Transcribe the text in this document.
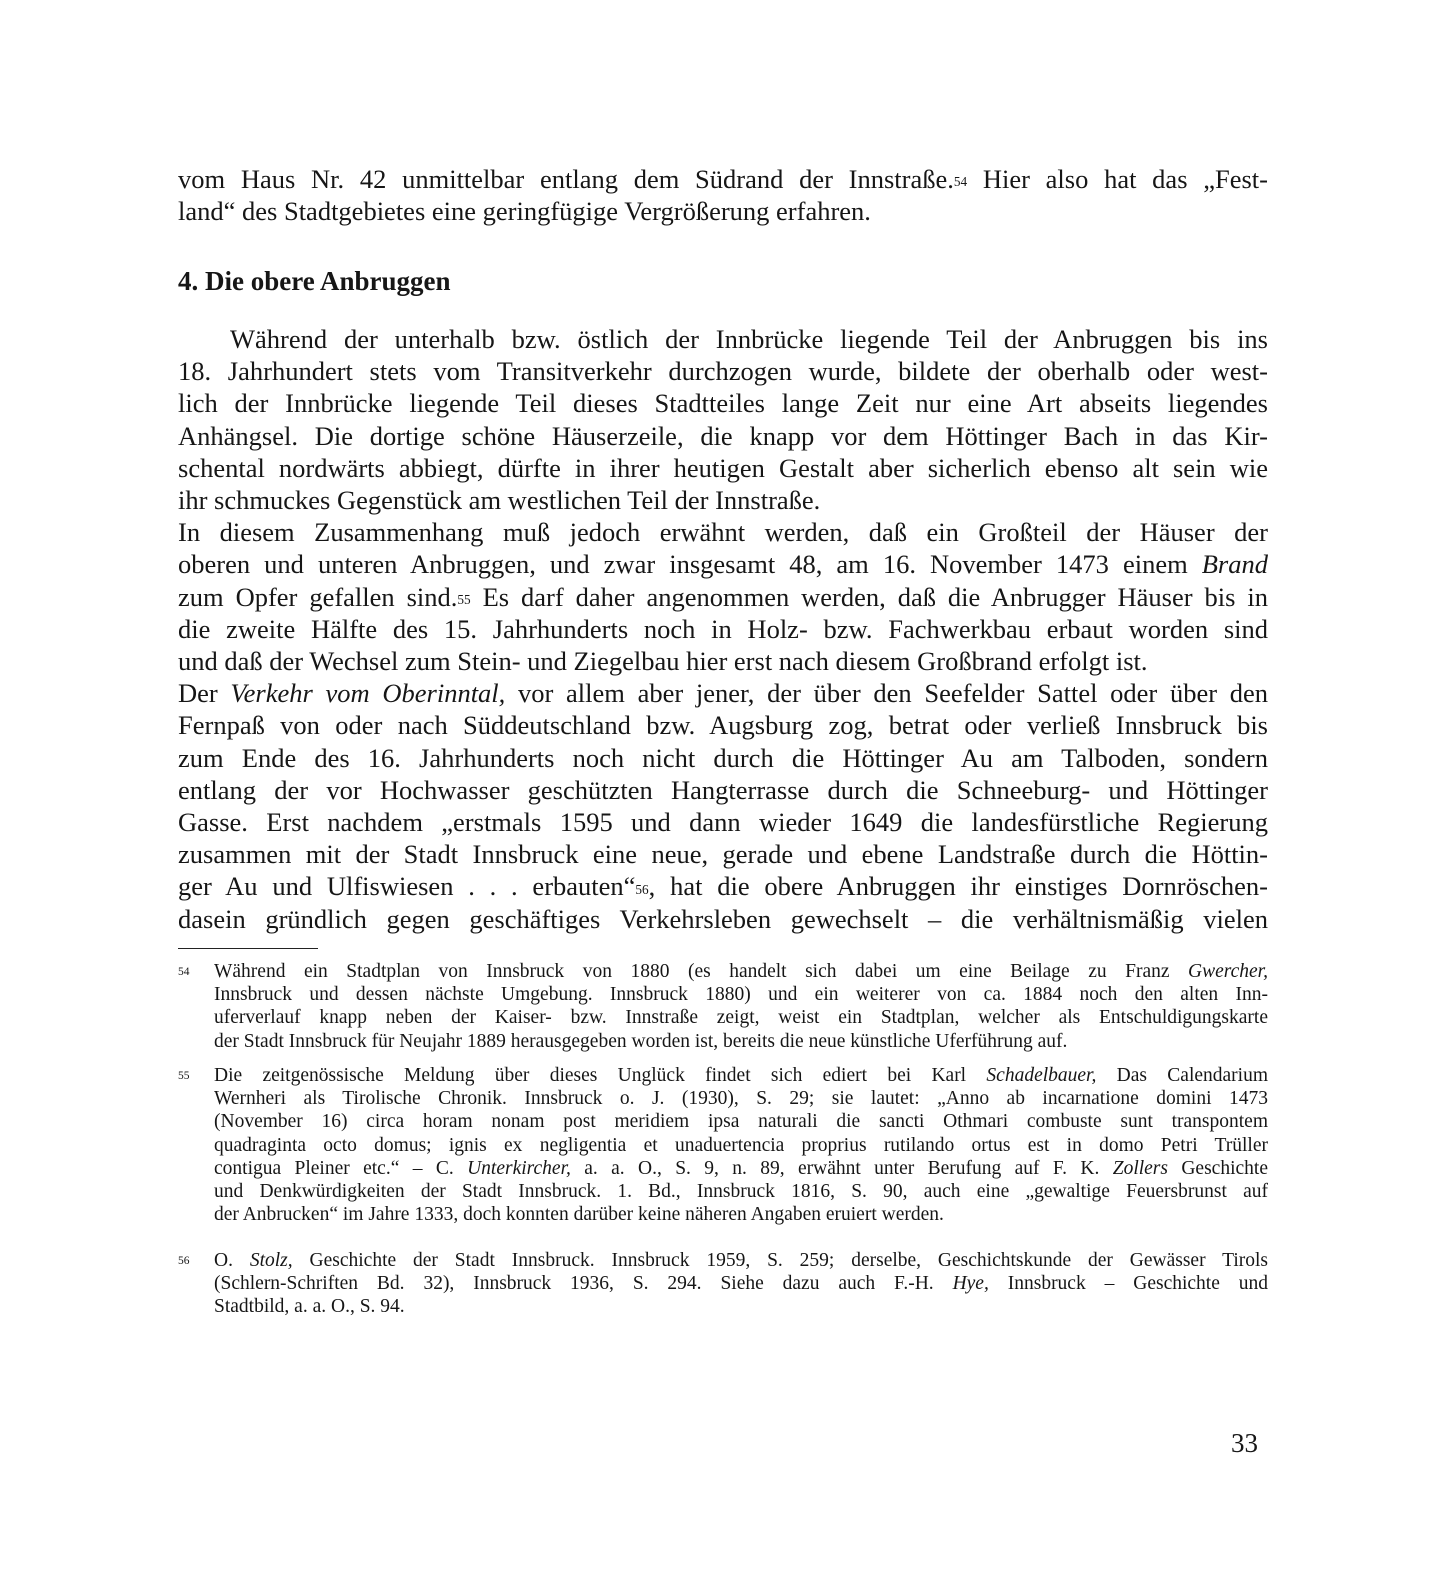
vom Haus Nr. 42 unmittelbar entlang dem Südrand der Innstraße.$^{54}$ Hier also hat das „Fest-
land“ des Stadtgebietes eine geringfügige Vergrößerung erfahren.
4. Die obere Anbruggen
Während der unterhalb bzw. östlich der Innbrücke liegende Teil der Anbruggen bis ins
18. Jahrhundert stets vom Transitverkehr durchzogen wurde, bildete der oberhalb oder west-
lich der Innbrücke liegende Teil dieses Stadtteiles lange Zeit nur eine Art abseits liegendes
Anhängsel. Die dortige schöne Häuserzeile, die knapp vor dem Höttinger Bach in das Kir-
schental nordwärts abbiegt, dürfte in ihrer heutigen Gestalt aber sicherlich ebenso alt sein wie
ihr schmuckes Gegenstück am westlichen Teil der Innstraße.
In diesem Zusammenhang muß jedoch erwähnt werden, daß ein Großteil der Häuser der
oberen und unteren Anbruggen, und zwar insgesamt 48, am 16. November 1473 einem Brand
zum Opfer gefallen sind.$^{55}$ Es darf daher angenommen werden, daß die Anbrugger Häuser bis in
die zweite Hälfte des 15. Jahrhunderts noch in Holz- bzw. Fachwerkbau erbaut worden sind
und daß der Wechsel zum Stein- und Ziegelbau hier erst nach diesem Großbrand erfolgt ist.
Der Verkehr vom Oberinntal, vor allem aber jener, der über den Seefelder Sattel oder über den
Fernpaß von oder nach Süddeutschland bzw. Augsburg zog, betrat oder verließ Innsbruck bis
zum Ende des 16. Jahrhunderts noch nicht durch die Höttinger Au am Talboden, sondern
entlang der vor Hochwasser geschützten Hangterrasse durch die Schneeburg- und Höttinger
Gasse. Erst nachdem „erstmals 1595 und dann wieder 1649 die landesfürstliche Regierung
zusammen mit der Stadt Innsbruck eine neue, gerade und ebene Landstraße durch die Höttin-
ger Au und Ulfiswiesen . . . erbauten“$^{56}$, hat die obere Anbruggen ihr einstiges Dornröschen-
dasein gründlich gegen geschäftiges Verkehrsleben gewechselt – die verhältnismäßig vielen
54 Während ein Stadtplan von Innsbruck von 1880 (es handelt sich dabei um eine Beilage zu Franz Gwercher,
Innsbruck und dessen nächste Umgebung. Innsbruck 1880) und ein weiterer von ca. 1884 noch den alten Inn-
uferverlauf knapp neben der Kaiser- bzw. Innstraße zeigt, weist ein Stadtplan, welcher als Entschuldigungskarte
der Stadt Innsbruck für Neujahr 1889 herausgegeben worden ist, bereits die neue künstliche Uferführung auf.
55 Die zeitgenössische Meldung über dieses Unglück findet sich ediert bei Karl Schadelbauer, Das Calendarium
Wernheri als Tirolische Chronik. Innsbruck o. J. (1930), S. 29; sie lautet: „Anno ab incarnatione domini 1473
(November 16) circa horam nonam post meridiem ipsa naturali die sancti Othmari combuste sunt transpontem
quadraginta octo domus; ignis ex negligentia et unaduertencia proprius rutilando ortus est in domo Petri Trüller
contigua Pleiner etc.“ – C. Unterkircher, a. a. O., S. 9, n. 89, erwähnt unter Berufung auf F. K. Zollers Geschichte
und Denkwürdigkeiten der Stadt Innsbruck. 1. Bd., Innsbruck 1816, S. 90, auch eine „gewaltige Feuersbrunst auf
der Anbrucken“ im Jahre 1333, doch konnten darüber keine näheren Angaben eruiert werden.
56 O. Stolz, Geschichte der Stadt Innsbruck. Innsbruck 1959, S. 259; derselbe, Geschichtskunde der Gewässer Tirols
(Schlern-Schriften Bd. 32), Innsbruck 1936, S. 294. Siehe dazu auch F.-H. Hye, Innsbruck – Geschichte und
Stadtbild, a. a. O., S. 94.

33
